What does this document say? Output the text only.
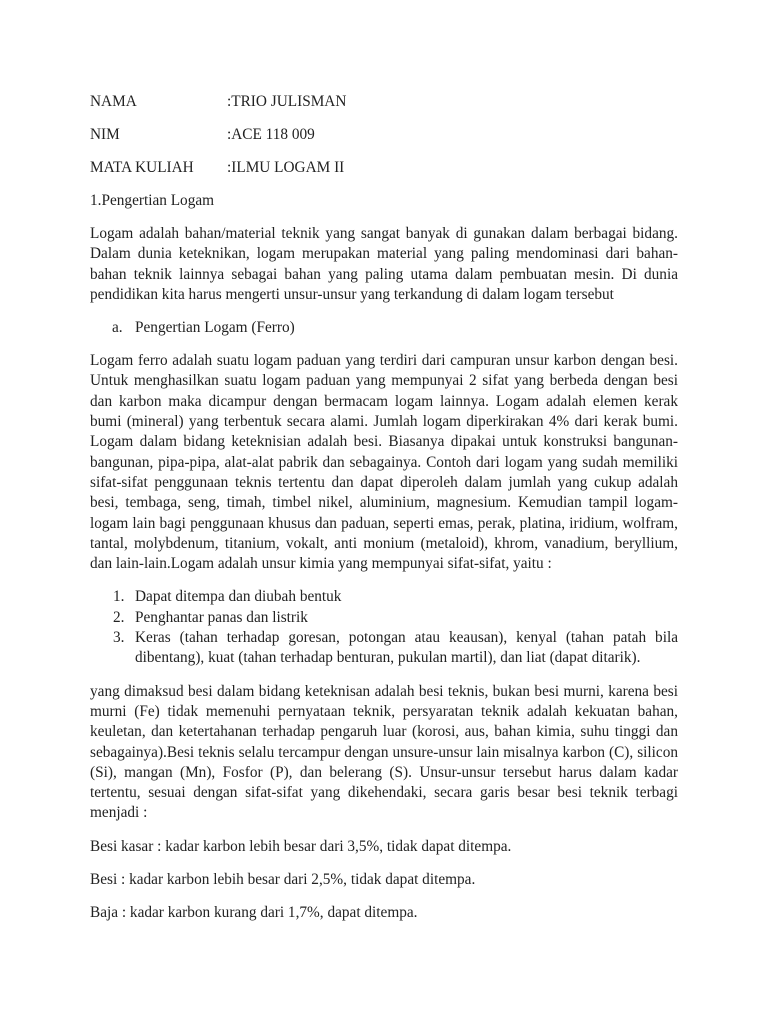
NAMA	:TRIO JULISMAN
NIM	:ACE 118 009
MATA KULIAH	:ILMU LOGAM II
1.Pengertian Logam

Logam adalah bahan/material teknik yang sangat banyak di gunakan dalam berbagai bidang. Dalam dunia keteknikan, logam merupakan material yang paling mendominasi dari bahan-bahan teknik lainnya sebagai bahan yang paling utama dalam pembuatan mesin. Di dunia pendidikan kita harus mengerti unsur-unsur yang terkandung di dalam logam tersebut

a. Pengertian Logam (Ferro)

Logam ferro adalah suatu logam paduan yang terdiri dari campuran unsur karbon dengan besi. Untuk menghasilkan suatu logam paduan yang mempunyai 2 sifat yang berbeda dengan besi dan karbon maka dicampur dengan bermacam logam lainnya. Logam adalah elemen kerak bumi (mineral) yang terbentuk secara alami. Jumlah logam diperkirakan 4% dari kerak bumi. Logam dalam bidang keteknisian adalah besi. Biasanya dipakai untuk konstruksi bangunan-bangunan, pipa-pipa, alat-alat pabrik dan sebagainya. Contoh dari logam yang sudah memiliki sifat-sifat penggunaan teknis tertentu dan dapat diperoleh dalam jumlah yang cukup adalah besi, tembaga, seng, timah, timbel nikel, aluminium, magnesium. Kemudian tampil logam-logam lain bagi penggunaan khusus dan paduan, seperti emas, perak, platina, iridium, wolfram, tantal, molybdenum, titanium, vokalt, anti monium (metaloid), khrom, vanadium, beryllium, dan lain-lain.Logam adalah unsur kimia yang mempunyai sifat-sifat, yaitu :

1. Dapat ditempa dan diubah bentuk
2. Penghantar panas dan listrik
3. Keras (tahan terhadap goresan, potongan atau keausan), kenyal (tahan patah bila dibentang), kuat (tahan terhadap benturan, pukulan martil), dan liat (dapat ditarik).

yang dimaksud besi dalam bidang keteknisan adalah besi teknis, bukan besi murni, karena besi murni (Fe) tidak memenuhi pernyataan teknik, persyaratan teknik adalah kekuatan bahan, keuletan, dan ketertahanan terhadap pengaruh luar (korosi, aus, bahan kimia, suhu tinggi dan sebagainya).Besi teknis selalu tercampur dengan unsure-unsur lain misalnya karbon (C), silicon (Si), mangan (Mn), Fosfor (P), dan belerang (S). Unsur-unsur tersebut harus dalam kadar tertentu, sesuai dengan sifat-sifat yang dikehendaki, secara garis besar besi teknik terbagi menjadi :

Besi kasar : kadar karbon lebih besar dari 3,5%, tidak dapat ditempa.
Besi : kadar karbon lebih besar dari 2,5%, tidak dapat ditempa.
Baja : kadar karbon kurang dari 1,7%, dapat ditempa.
